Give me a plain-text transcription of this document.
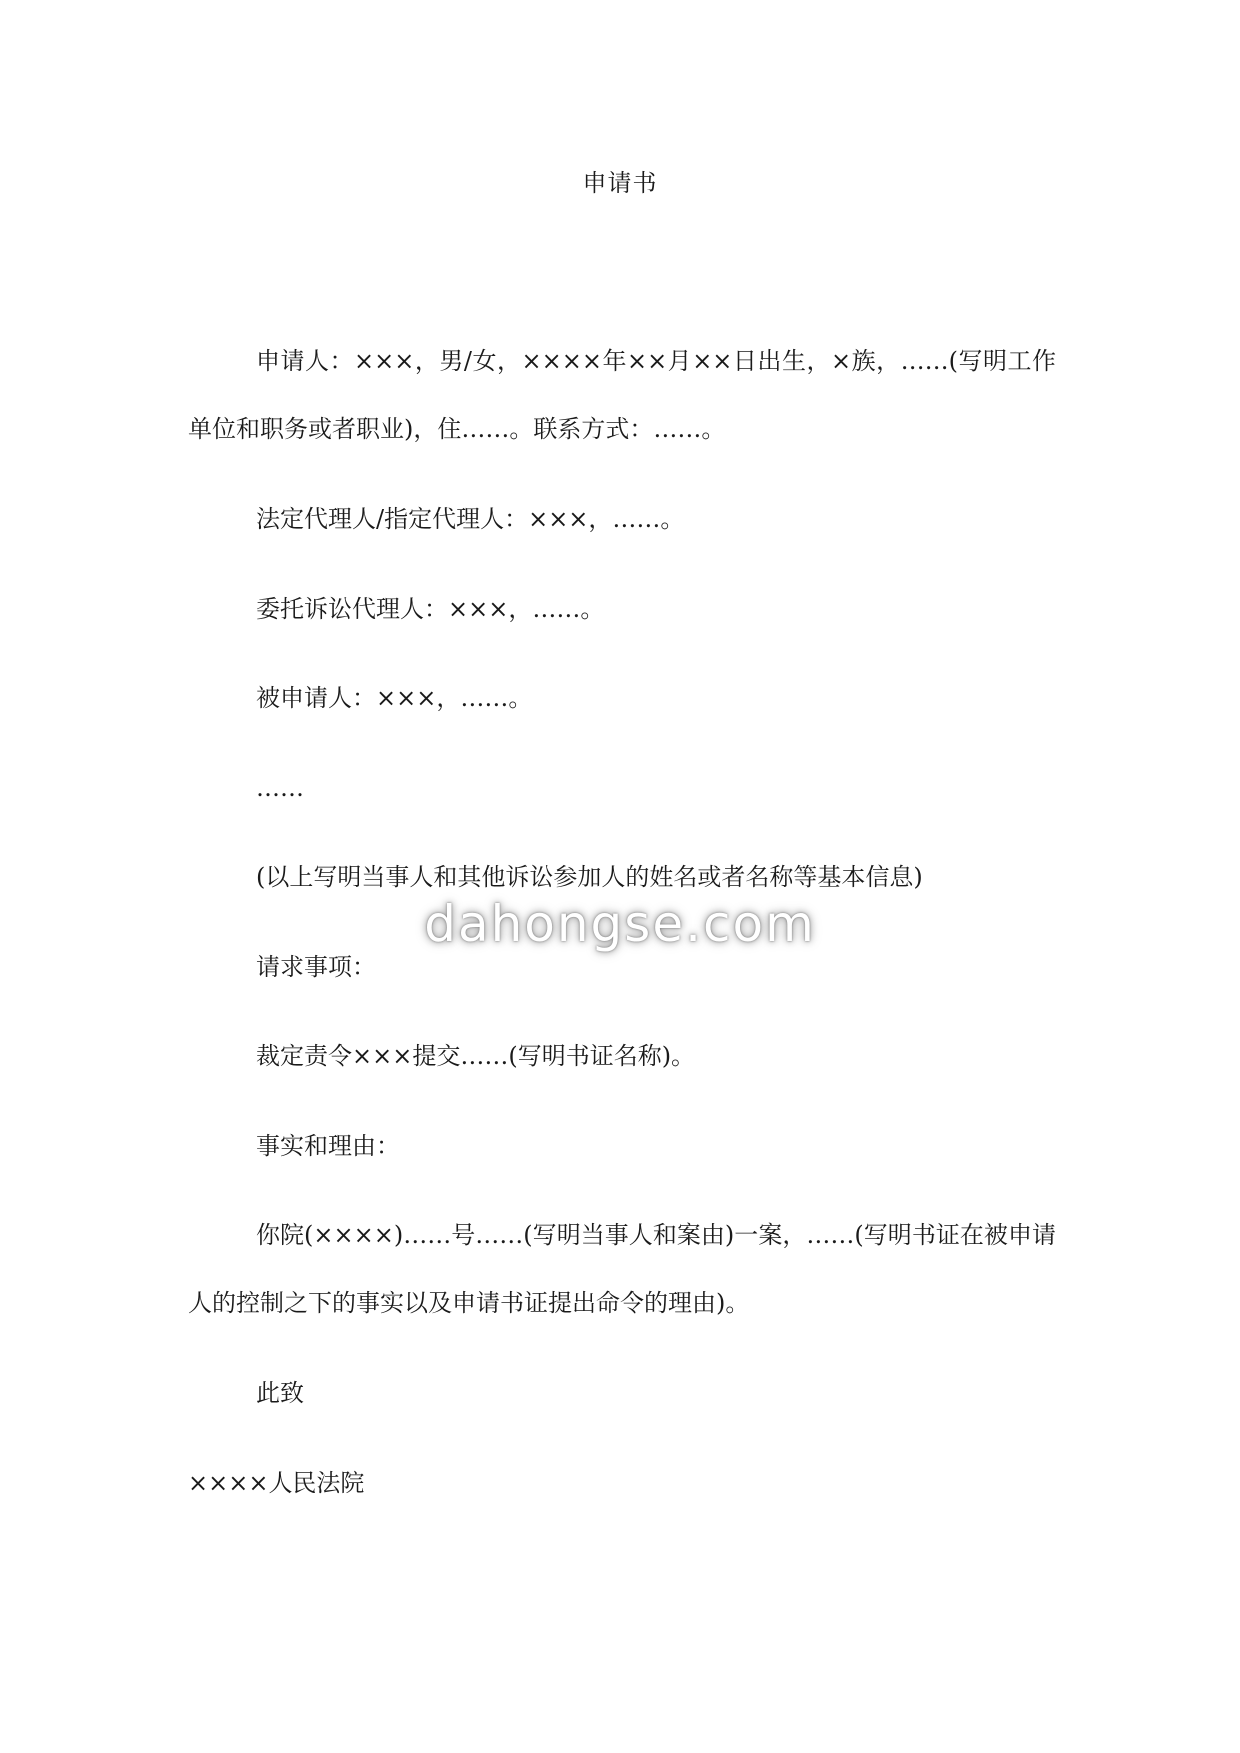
申请书

申请人：×××，男/女，××××年××月××日出生，×族，……(写明工作单位和职务或者职业)，住……。联系方式：……。

法定代理人/指定代理人：×××，……。

委托诉讼代理人：×××，……。

被申请人：×××，……。

……

(以上写明当事人和其他诉讼参加人的姓名或者名称等基本信息)

请求事项：

裁定责令×××提交……(写明书证名称)。

事实和理由：

你院(××××)……号……(写明当事人和案由)一案，……(写明书证在被申请人的控制之下的事实以及申请书证提出命令的理由)。

此致

××××人民法院

dahongse.com
